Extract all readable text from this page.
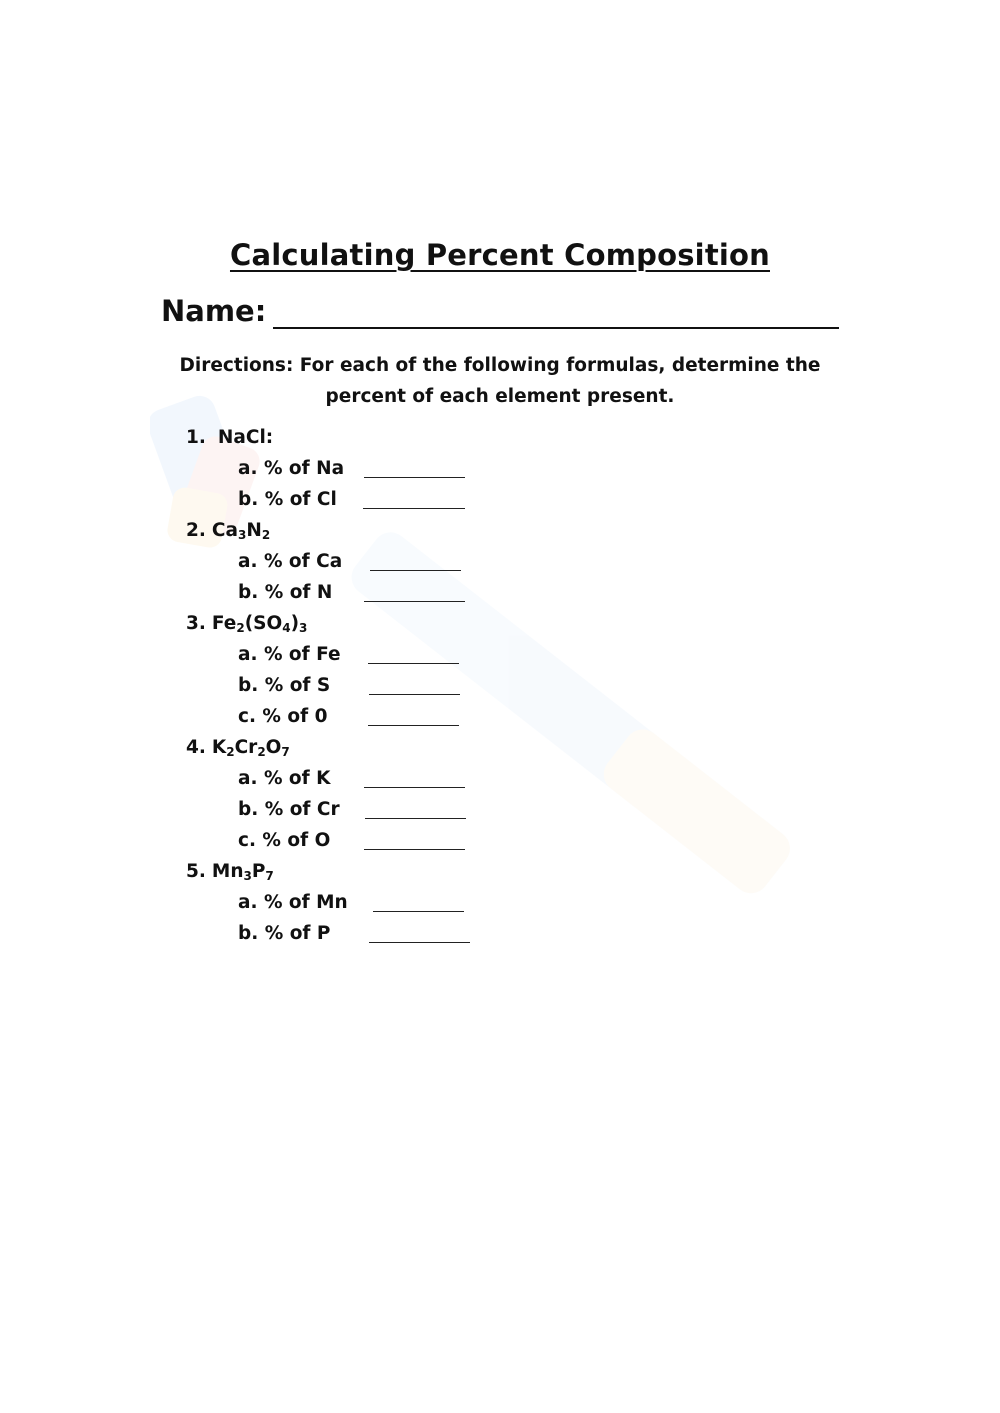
Calculating Percent Composition
Name:
Directions: For each of the following formulas, determine the
percent of each element present.
1. NaCl:
a. % of Na
b. % of Cl
2. $Ca_3N_2$
a. % of Ca
b. % of N
3. $Fe_2(SO_4)_3$
a. % of Fe
b. % of S
c. % of 0
4. $K_2Cr_2O_7$
a. % of K
b. % of Cr
c. % of O
5. $Mn_3P_7$
a. % of Mn
b. % of P
